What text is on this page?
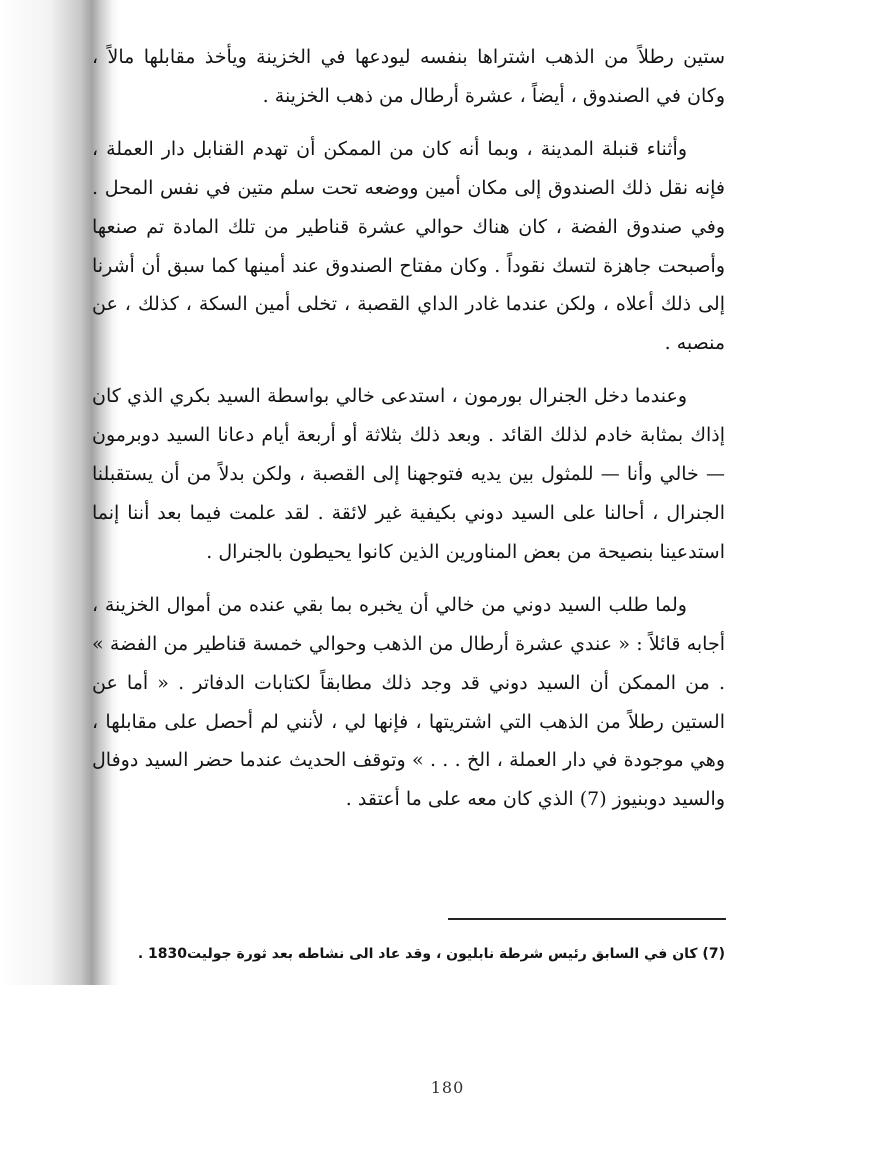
ستين رطلاً من الذهب اشتراها بنفسه ليودعها في الخزينة ويأخذ مقابلها مالاً ، وكان في الصندوق ، أيضاً ، عشرة أرطال من ذهب الخزينة .

وأثناء قنبلة المدينة ، وبما أنه كان من الممكن أن تهدم القنابل دار العملة ، فإنه نقل ذلك الصندوق إلى مكان أمين ووضعه تحت سلم متين في نفس المحل . وفي صندوق الفضة ، كان هناك حوالي عشرة قناطير من تلك المادة تم صنعها وأصبحت جاهزة لتسك نقوداً . وكان مفتاح الصندوق عند أمينها كما سبق أن أشرنا إلى ذلك أعلاه ، ولكن عندما غادر الداي القصبة ، تخلى أمين السكة ، كذلك ، عن منصبه .

وعندما دخل الجنرال بورمون ، استدعى خالي بواسطة السيد بكري الذي كان إذاك بمثابة خادم لذلك القائد . وبعد ذلك بثلاثة أو أربعة أيام دعانا السيد دوبرمون — خالي وأنا — للمثول بين يديه فتوجهنا إلى القصبة ، ولكن بدلاً من أن يستقبلنا الجنرال ، أحالنا على السيد دوني بكيفية غير لائقة . لقد علمت فيما بعد أننا إنما استدعينا بنصيحة من بعض المناورين الذين كانوا يحيطون بالجنرال .

ولما طلب السيد دوني من خالي أن يخبره بما بقي عنده من أموال الخزينة ، أجابه قائلاً : « عندي عشرة أرطال من الذهب وحوالي خمسة قناطير من الفضة » . من الممكن أن السيد دوني قد وجد ذلك مطابقاً لكتابات الدفاتر . « أما عن الستين رطلاً من الذهب التي اشتريتها ، فإنها لي ، لأنني لم أحصل على مقابلها ، وهي موجودة في دار العملة ، الخ . . . » وتوقف الحديث عندما حضر السيد دوفال والسيد دوبنيوز (7) الذي كان معه على ما أعتقد .

(7) كان في السابق رئيس شرطة نابليون ، وقد عاد الى نشاطه بعد ثورة جوليت1830 .
180
